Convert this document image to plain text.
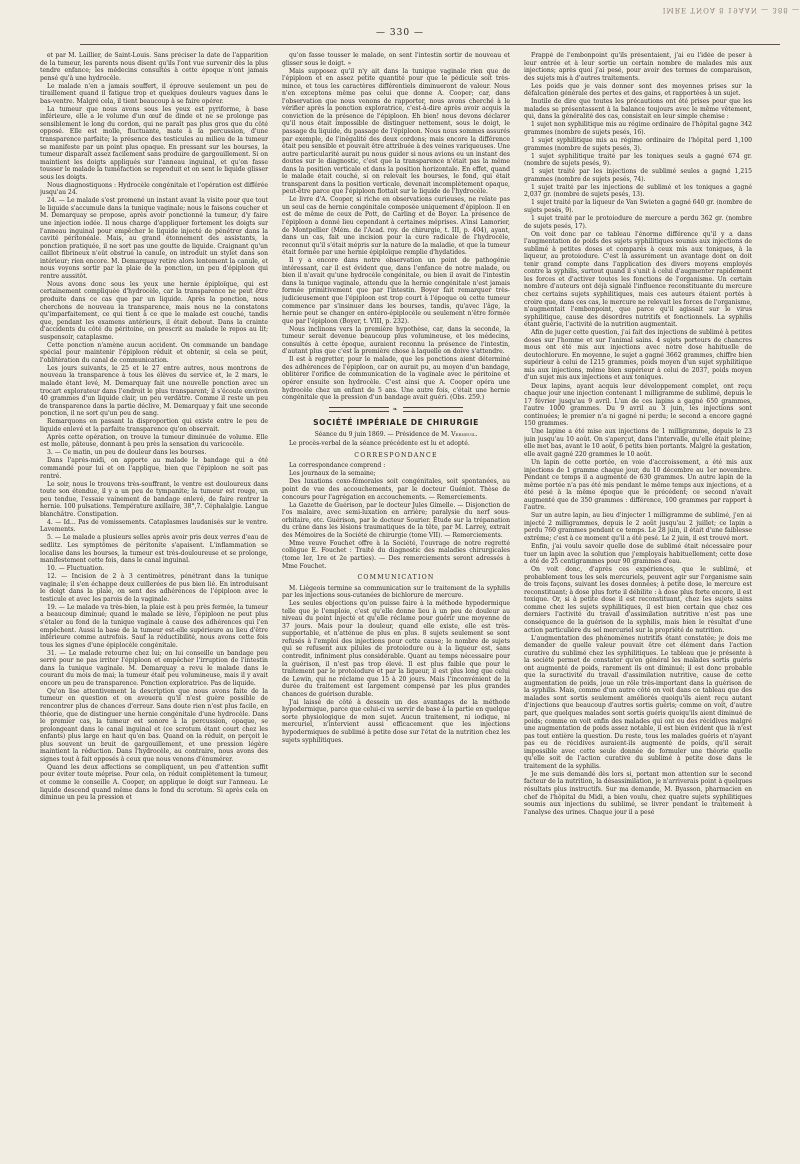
IMRE TNOA 8 19AAN — 388 —
— 330 —

et par M. Laillier, de Saint-Louis. Sans préciser la date de l'apparition de la tumeur, les parents nous disent qu'ils l'ont vue survenir dès la plus tendre enfance; les médecins consultés à cette époque n'ont jamais pensé qu'à une hydrocèle.

Le malade n'en a jamais souffert, il éprouve seulement un peu de tiraillement quand il fatigue trop et quelques douleurs vagues dans le bas-ventre. Malgré cela, il tient beaucoup à se faire opérer.

La tumeur que nous avons sous les yeux est pyriforme, à base inférieure, elle a le volume d'un œuf de dinde et ne se prolonge pas sensiblement le long du cordon, qui ne paraît pas plus gros que du côté opposé. Elle est molle, fluctuante, mate à la percussion, d'une transparence parfaite; la présence des testicules au milieu de la tumeur se manifeste par un point plus opaque. En pressant sur les bourses, la tumeur disparaît assez facilement sans produire de gargouillement. Si on maintient les doigts appliqués sur l'anneau inguinal, et qu'on fasse tousser le malade la tuméfaction se reproduit et on sent le liquide glisser sous les doigts.

Nous diagnostiquons : Hydrocèle congénitale et l'opération est différée jusqu'au 24.

24. — Le malade s'est promené un instant avant la visite pour que tout le liquide s'accumule dans la tunique vaginale; nous le faisons coucher et M. Demarquay se propose, après avoir ponctionné la tumeur, d'y faire une injection iodée. Il nous charge d'appliquer fortement les doigts sur l'anneau inguinal pour empêcher le liquide injecté de pénétrer dans la cavité péritonéale. Mais, au grand étonnement des assistants, la ponction pratiquée, il ne sort pas une goutte de liquide. Craignant qu'un caillot fibrineux n'eût obstrué la canule, on introduit un stylet dans son intérieur; rien encore. M. Demarquay retire alors lentement la canule, et nous voyons sortir par la plaie de la ponction, un peu d'épiploon qui rentre aussitôt.

Nous avons donc sous les yeux une hernie épiploïque, qui est certainement compliquée d'hydrocèle, car la transparence ne peut être produite dans ce cas que par un liquide. Après la ponction, nous cherchons de nouveau la transparence, mais nous ne la constatons qu'imparfaitement, ce qui tient à ce que le malade est couché, tandis que, pendant les examens antérieurs, il était debout. Dans la crainte d'accidents du côté du péritoine, on prescrit au malade le repos au lit; suspensoir, cataplasme.

Cette ponction n'amène aucun accident. On commande un bandage spécial pour maintenir l'épiploon réduit et obtenir, si cela se peut, l'oblitération du canal de communication.

Les jours suivants, le 25 et le 27 entre autres, nous montrons de nouveau la transparence à tous les élèves du service et, le 2 mars, le malade étant levé, M. Demarquay fait une nouvelle ponction avec un trocart explorateur dans l'endroit le plus transparent; il s'écoule environ 40 grammes d'un liquide clair, un peu verdâtre. Comme il reste un peu de transparence dans la partie déclive, M. Demarquay y fait une seconde ponction, il ne sort qu'un peu de sang.

Remarquons en passant la disproportion qui existe entre le peu de liquide enlevé et la parfaite transparence qu'on observait.

Après cette opération, on trouve la tumeur diminuée de volume. Elle est molle, pâteuse, donnant à peu près la sensation du varicocèle.

3. — Ce matin, un peu de douleur dans les bourses.

Dans l'après-midi, on apporte au malade le bandage qui a été commandé pour lui et on l'applique, bien que l'épiploon ne soit pas rentré.

Le soir, nous le trouvons très-souffrant, le ventre est douloureux dans toute son étendue, il y a un peu de tympanite; la tumeur est rouge, un peu tendue, l'essaie vainement de bandage enlevé, de faire rentrer la hernie. 100 pulsations. Température axillaire, 38°,7. Céphalalgie. Langue blanchâtre. Constipation.

4. — Id... Pas de vomissements. Cataplasmes laudanisés sur le ventre. Lavements.

5. — Le malade a plusieurs selles après avoir pris deux verres d'eau de sedlitz. Les symptômes de péritonite s'apaisent. L'inflammation se localise dans les bourses, la tumeur est très-douloureuse et se prolonge, manifestement cette fois, dans le canal inguinal.

10. — Fluctuation.

12. — Incision de 2 à 3 centimètres, pénétrant dans la tunique vaginale; il s'en échappe deux cuillerées de pus bien lié. En introduisant le doigt dans la plaie, on sent des adhérences de l'épiploon avec le testicule et avec les parois de la vaginale.

19. — Le malade va très-bien, la plaie est à peu près fermée, la tumeur a beaucoup diminué; quand le malade se lève, l'épiploon ne peut plus s'étaler au fond de la tunique vaginale à cause des adhérences qui l'en empêchent. Aussi la base de la tumeur est-elle supérieure au lieu d'être inférieure comme autrefois. Sauf la réductibilité, nous avons cette fois tous les signes d'une épiplocèle congénitale.

31. — Le malade retourne chez lui; on lui conseille un bandage peu serré pour ne pas irriter l'épiploon et empêcher l'irruption de l'intestin dans la tunique vaginale. M. Demarquay a revu le malade dans le courant du mois de mai; la tumeur était peu volumineuse, mais il y avait encore un peu de transparence. Ponction exploratrice. Pas de liquide.

Qu'on lise attentivement la description que nous avons faite de la tumeur en question et on avouera qu'il n'est guère possible de rencontrer plus de chances d'erreur. Sans doute rien n'est plus facile, en théorie, que de distinguer une hernie congénitale d'une hydrocèle. Dans le premier cas, la tumeur est sonore à la percussion, opaque, se prolongeant dans le canal inguinal et (ce scrotum étant court chez les enfants) plus large en haut qu'en bas. Quand on la réduit, on perçoit le plus souvent un bruit de gargouillement, et une pression légère maintient la réduction. Dans l'hydrocèle, au contraire, nous avons des signes tout à fait opposés à ceux que nous venons d'énumérer.

Quand les deux affections se compliquent, un peu d'attention suffit pour éviter toute méprise. Pour cela, on réduit complètement la tumeur, et comme le conseille A. Cooper, on applique le doigt sur l'anneau. Le liquide descend quand même dans le fond du scrotum. Si après cela on diminue un peu la pression et

qu'on fasse tousser le malade, on sent l'intestin sortir de nouveau et glisser sous le doigt. »

Mais supposez qu'il n'y ait dans la tunique vaginale rien que de l'épiploon et en assez petite quantité pour que le pédicule soit très-mince, et tous les caractères différentiels diminueront de valeur. Nous n'en exceptons même pas celui que donne A. Cooper; car, dans l'observation que nous venons de rapporter, nous avons cherché à le vérifier après la ponction exploratrice, c'est-à-dire après avoir acquis la conviction de la présence de l'épiploon. Eh bien! nous devons déclarer qu'il nous était impossible de distinguer nettement, sous le doigt, le passage du liquide, du passage de l'épiploon. Nous nous sommes assurés par exemple, de l'inégalité des deux cordons; mais encore la différence était peu sensible et pouvait être attribuée à des veines variqueuses. Une autre particularité aurait pu nous guider si nous avions eu un instant des doutes sur le diagnostic, c'est que la transparence n'était pas la même dans la position verticale et dans la position horizontale. En effet, quand le malade était couché, si on relevait les bourses, le fond, qui était transparent dans la position verticale, devenait incomplètement opaque, peut-être parce que l'épiploon flottait sur le liquide de l'hydrocèle.

Le livre d'A. Cooper, si riche en observations curieuses, ne relate pas un seul cas de hernie congénitale composée uniquement d'épiploon. Il en est de même de ceux de Pott, de Carling et de Boyer. La présence de l'épiploon a donné lieu cependant à certaines méprises. A'insi Lamorier, de Montpellier (Mém. de l'Acad. roy. de chirurgie, t. III, p. 404), ayant, dans un cas, fait une incision pour la cure radicale de l'hydrocèle, reconnut qu'il s'était mépris sur la nature de la maladie, et que la tumeur était formée par une hernie épiploïque remplie d'hydatides.

Il y a encore dans notre observation un point de pathogénie intéressant, car il est évident que, dans l'enfance de notre malade, ou bien il n'avait qu'une hydrocèle congénitale, ou bien il avait de l'intestin dans la tunique vaginale, attendu que la hernie congénitale n'est jamais formée primitivement que par l'intestin. Boyer fait remarquer très-judicieusement que l'épiploon est trop court à l'époque où cette tumeur commence par s'insinuer dans les bourses, tandis, qu'avec l'âge, la hernie peut se changer en entéro-épiplocèle ou seulement n'être formée que par l'épiploon (Boyer, t. VIII, p. 232).

Nous inclinons vers la première hypothèse, car, dans la seconde, la tumeur serait devenue beaucoup plus volumineuse, et les médecins, consultés à cette époque, auraient reconnu la présence de l'intestin, d'autant plus que c'est la première chose à laquelle on doive s'attendre.

Il est à regretter, pour le malade, que les ponctions aient déterminé des adhérences de l'épiploon, car on aurait pu, au moyen d'un bandage, oblitérer l'orifice de communication de la vaginale avec le péritoine et opérer ensuite son hydrocèle. C'est ainsi que A. Cooper opéra une hydrocèle chez un enfant de 5 ans. Une autre fois, c'était une hernie congénitale que la pression d'un bandage avait guéri. (Obs. 259.)

❧
SOCIÉTÉ IMPÉRIALE DE CHIRURGIE

Séance du 9 juin 1869. — Présidence de M. Verneuil.

Le procès-verbal de la séance précédente est lu et adopté.

CORRESPONDANCE

La correspondance comprend :

Les journaux de la semaine;

Des luxations coxo-fémorales soit congénitales, soit spontanées, au point de vue des accouchements, par le docteur Guéniot. Thèse de concours pour l'agrégation en accouchements. — Remerciements.

La Gazette de Guérison, par le docteur Jules Gimelle. — Disjonction de l'os malaire, avec semi-luxation en arrière; paralysie du nerf sous-orbitaire, etc. Guérison, par le docteur Sourier. Étude sur la trépanation du crâne dans les lésions traumatiques de la tête, par M. Larrey, extrait des Mémoires de la Société de chirurgie (tome VII). — Remerciements.

Mme veuve Fouchet offre à la Société, l'ouvrage de notre regretté collègue E. Fouchet : Traité du diagnostic des maladies chirurgicales (tome Ier, 1re et 2e parties). — Des remerciements seront adressés à Mme Fouchet.

COMMUNICATION

M. Liégeois termine sa communication sur le traitement de la syphilis par les injections sous-cutanées de bichlorure de mercure.

Les seules objections qu'on puisse faire à la méthode hypodermique telle que je l'emploie, c'est qu'elle donne lieu à un peu de douleur au niveau du point injecté et qu'elle réclame pour guérir une moyenne de 37 jours. Mais pour la douleur, quand elle existe, elle est très-supportable, et n'atténue de plus en plus. 8 sujets seulement se sont refusés à l'emploi des injections pour cette cause; le nombre de sujets qui se refusent aux pilules de protoiodure ou à la liqueur est, sans contredit, infiniment plus considérable. Quant au temps nécessaire pour la guérison, il n'est pas trop élevé. Il est plus faible que pour le traitement par le protoiodure et par la liqueur, il est plus long que celui de Lewin, qui ne réclame que 15 à 20 jours. Mais l'inconvénient de la durée du traitement est largement compensé par les plus grandes chances de guérison durable.

J'ai laissé de côté à dessein un des avantages de la méthode hypodermique, parce que celui-ci va servir de base à la partie en quelque sorte physiologique de mon sujet. Aucun traitement, ni iodique, ni mercuriel, n'intervient aussi efficacement que les injections hypodermiques de sublimé à petite dose sur l'état de la nutrition chez les sujets syphilitiques.

Frappé de l'embonpoint qu'ils présentaient, j'ai eu l'idée de peser à leur entrée et à leur sortie un certain nombre de malades mis aux injections; après quoi j'ai pesé, pour avoir des termes de comparaison, des sujets mis à d'autres traitements.

Les poids que je vais donner sont des moyennes prises sur la défalcation générale des pertes et des gains, et rapportées à un sujet.

Inutile de dire que toutes les précautions ont été prises pour que les malades se présentassent à la balance toujours avec le même vêtement, qui, dans la généralité des cas, consistait en leur simple chemise :

1 sujet non syphilitique mis au régime ordinaire de l'hôpital gagne 342 grammes (nombre de sujets pesés, 16).

1 sujet syphilitique mis au régime ordinaire de l'hôpital perd 1,100 grammes (nombre de sujets pesés, 3).

1 sujet syphilitique traité par les toniques seuls a gagné 674 gr. (nombre de sujets pesés, 9).

1 sujet traité par les injections de sublimé seules a gagné 1,215 grammes (nombre de sujets pesés, 74).

1 sujet traité par les injections de sublimé et les toniques a gagné 2,037 gr. (nombre de sujets pesés, 13).

1 sujet traité par la liqueur de Van Swieten a gagné 640 gr. (nombre de sujets pesés, 9).

1 sujet traité par le protoiodure de mercure a perdu 362 gr. (nombre de sujets pesés, 17).

On voit donc par ce tableau l'énorme différence qu'il y a dans l'augmentation de poids des sujets syphilitiques soumis aux injections de sublimé à petites doses et comparés à ceux mis aux toniques, à la liqueur, au protoiodure. C'est là assurément un avantage dont on doit tenir grand compte dans l'application des divers moyens employés contre la syphilis, surtout quand il s'unit à celui d'augmenter rapidement les forces et d'activer toutes les fonctions de l'organisme. Un certain nombre d'auteurs ont déjà signalé l'influence reconstituante du mercure chez certains sujets syphilitiques, mais ces auteurs étaient portés à croire que, dans ces cas, le mercure ne relevait les forces de l'organisme, n'augmentait l'embonpoint, que parce qu'il agissait sur le virus syphilitique, cause des désordres nutritifs et fonctionnels. La syphilis étant guérie, l'activité de la nutrition augmentait.

Afin de juger cette question, j'ai fait des injections de sublimé à petites doses sur l'homme et sur l'animal sains. 4 sujets porteurs de chancres mous ont été mis aux injections avec notre dose habituelle de deutochlorure. En moyenne, le sujet a gagné 3662 grammes, chiffre bien supérieur à celui de 1215 grammes, poids moyen d'un sujet syphilitique mis aux injections, même bien supérieur à celui de 2037, poids moyen d'un sujet mis aux injections et aux toniques.

Deux lapins, ayant acquis leur développement complet, ont reçu chaque jour une injection contenant 1 milligramme de sublimé, depuis le 17 février jusqu'au 9 avril. L'un de ces lapins a gagné 650 grammes, l'autre 1000 grammes. Du 9 avril au 3 juin, les injections sont continuées; le premier n'a ni gagné ni perdu; le second a encore gagné 150 grammes.

Une lapine a été mise aux injections de 1 milligramme, depuis le 23 juin jusqu'au 10 août. On s'aperçut, dans l'intervalle, qu'elle était pleine; elle met bas, avant le 10 août, 6 petits bien portants. Malgré la gestation, elle avait gagné 220 grammes le 10 août.

Un lapin de cette portée, en voie d'accroissement, a été mis aux injections de 1 gramme chaque jour, du 10 décembre au 1er novembre. Pendant ce temps il a augmenté de 630 grammes. Un autre lapin de la même portée n'a pas été mis pendant le même temps aux injections, et a été pesé à la même époque que le précédent; ce second n'avait augmenté que de 350 grammes : différence, 100 grammes par rapport à l'autre.

Sur un autre lapin, au lieu d'injecter 1 milligramme de sublimé, j'en ai injecté 2 milligrammes, depuis le 2 août jusqu'au 2 juillet; ce lapin a perdu 760 grammes pendant ce temps. Le 28 juin, il était d'une faiblesse extrême; c'est à ce moment qu'il a été pesé. Le 2 juin, il est trouvé mort.

Enfin, j'ai voulu savoir quelle dose de sublimé était nécessaire pour tuer un lapin avec la solution que j'employais habituellement; cette dose a été de 25 centigrammes pour 90 grammes d'eau.

On voit donc, d'après ces expériences, que le sublimé, et probablement tous les sels mercuriels, peuvent agir sur l'organisme sain de trois façons, suivant les doses données; à petite dose, le mercure est reconstituant; à dose plus forte il débilite : à dose plus forte encore, il est toxique. Or, si à petite dose il est reconstituant, chez les sujets sains comme chez les sujets syphilitiques, il est bien certain que chez ces derniers l'activité du travail d'assimilation nutritive n'est pas une conséquence de la guérison de la syphilis, mais bien le résultat d'une action particulière du sel mercuriel sur la propriété de nutrition.

L'augmentation des phénomènes nutritifs étant constatée; je dois me demander de quelle valeur pouvait être cet élément dans l'action curative du sublimé chez les syphilitiques. Le tableau que je présente à la société permet de constater qu'en général les malades sortis guéris ont augmenté de poids, rarement ils ont diminué; il est donc probable que la suractivité du travail d'assimilation nutritive, cause de cette augmentation de poids, joue un rôle très-important dans la guérison de la syphilis. Mais, comme d'un autre côté on voit dans ce tableau que des malades sont sortis seulement améliorés quoiqu'ils aient reçu autant d'injections que beaucoup d'autres sortis guéris; comme on voit, d'autre part, que quelques malades sont sortis guéris quoiqu'ils aient diminué de poids; comme on voit enfin des malades qui ont eu des récidives malgré une augmentation de poids assez notable, il est bien évident que là n'est pas tout entière la question. Du reste, tous les malades guéris et n'ayant pas eu de récidives auraient-ils augmenté de poids, qu'il serait impossible avec cette seule donnée de formuler une théorie quelle qu'elle soit de l'action curative du sublimé à petite dose dans le traitement de la syphilis.

Je me suis demandé dès lors si, portant mon attention sur le second facteur de la nutrition, la désassimilation, je n'arriverais point à quelques résultats plus instructifs. Sur ma demande, M. Byasson, pharmacien en chef de l'hôpital du Midi, a bien voulu, chez quatre sujets syphilitiques soumis aux injections du sublimé, se livrer pendant le traitement à l'analyse des urines. Chaque jour il a pesé
